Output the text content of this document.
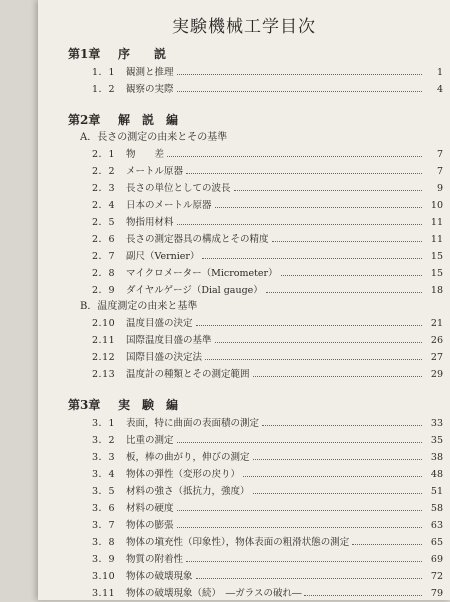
実験機械工学目次
第1章 序　　説
1．1	観測と推理	1
1．2	観察の実際	4
第2章 解　説　編
A．長さの測定の由来とその基準
2．1	物　　差	7
2．2	メートル原器	7
2．3	長さの単位としての波長	9
2．4	日本のメートル原器	10
2．5	物指用材料	11
2．6	長さの測定器具の構成とその精度	11
2．7	副尺（Vernier）	15
2．8	マイクロメーター（Micrometer）	15
2．9	ダイヤルゲージ（Dial gauge）	18
B．温度測定の由来と基準
2.10	温度目盛の決定	21
2.11	国際温度目盛の基準	26
2.12	国際目盛の決定法	27
2.13	温度計の種類とその測定範囲	29
第3章 実　験　編
3．1	表面，特に曲面の表面積の測定	33
3．2	比重の測定	35
3．3	板，棒の曲がり，伸びの測定	38
3．4	物体の弾性（変形の戻り）	48
3．5	材料の強さ（抵抗力，強度）	51
3．6	材料の硬度	58
3．7	物体の膨張	63
3．8	物体の塡充性（印象性），物体表面の粗滑状態の測定	65
3．9	物質の附着性	69
3.10	物体の破壊現象	72
3.11	物体の破壊現象（続）　―ガラスの破れ―	79
